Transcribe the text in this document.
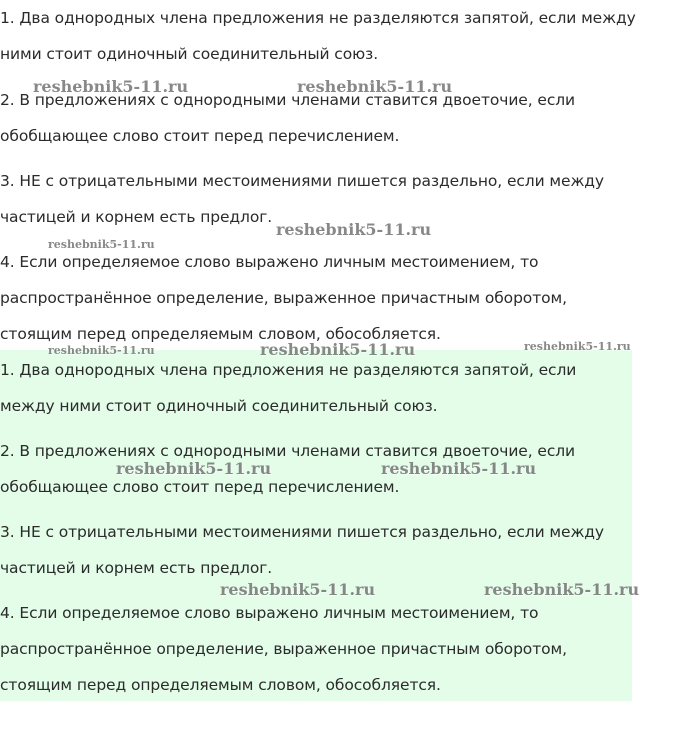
1. Два однородных члена предложения не разделяются запятой, если между
ними стоит одиночный соединительный союз.
2. В предложениях с однородными членами ставится двоеточие, если
обобщающее слово стоит перед перечислением.
3. НЕ с отрицательными местоимениями пишется раздельно, если между
частицей и корнем есть предлог.
4. Если определяемое слово выражено личным местоимением, то
распространённое определение, выраженное причастным оборотом,
стоящим перед определяемым словом, обособляется.
1. Два однородных члена предложения не разделяются запятой, если
между ними стоит одиночный соединительный союз.
2. В предложениях с однородными членами ставится двоеточие, если
обобщающее слово стоит перед перечислением.
3. НЕ с отрицательными местоимениями пишется раздельно, если между
частицей и корнем есть предлог.
4. Если определяемое слово выражено личным местоимением, то
распространённое определение, выраженное причастным оборотом,
стоящим перед определяемым словом, обособляется.
reshebnik5-11.ru	reshebnik5-11.ru
reshebnik5-11.ru
reshebnik5-11.ru
reshebnik5-11.ru	reshebnik5-11.ru	reshebnik5-11.ru
reshebnik5-11.ru	reshebnik5-11.ru
reshebnik5-11.ru	reshebnik5-11.ru
